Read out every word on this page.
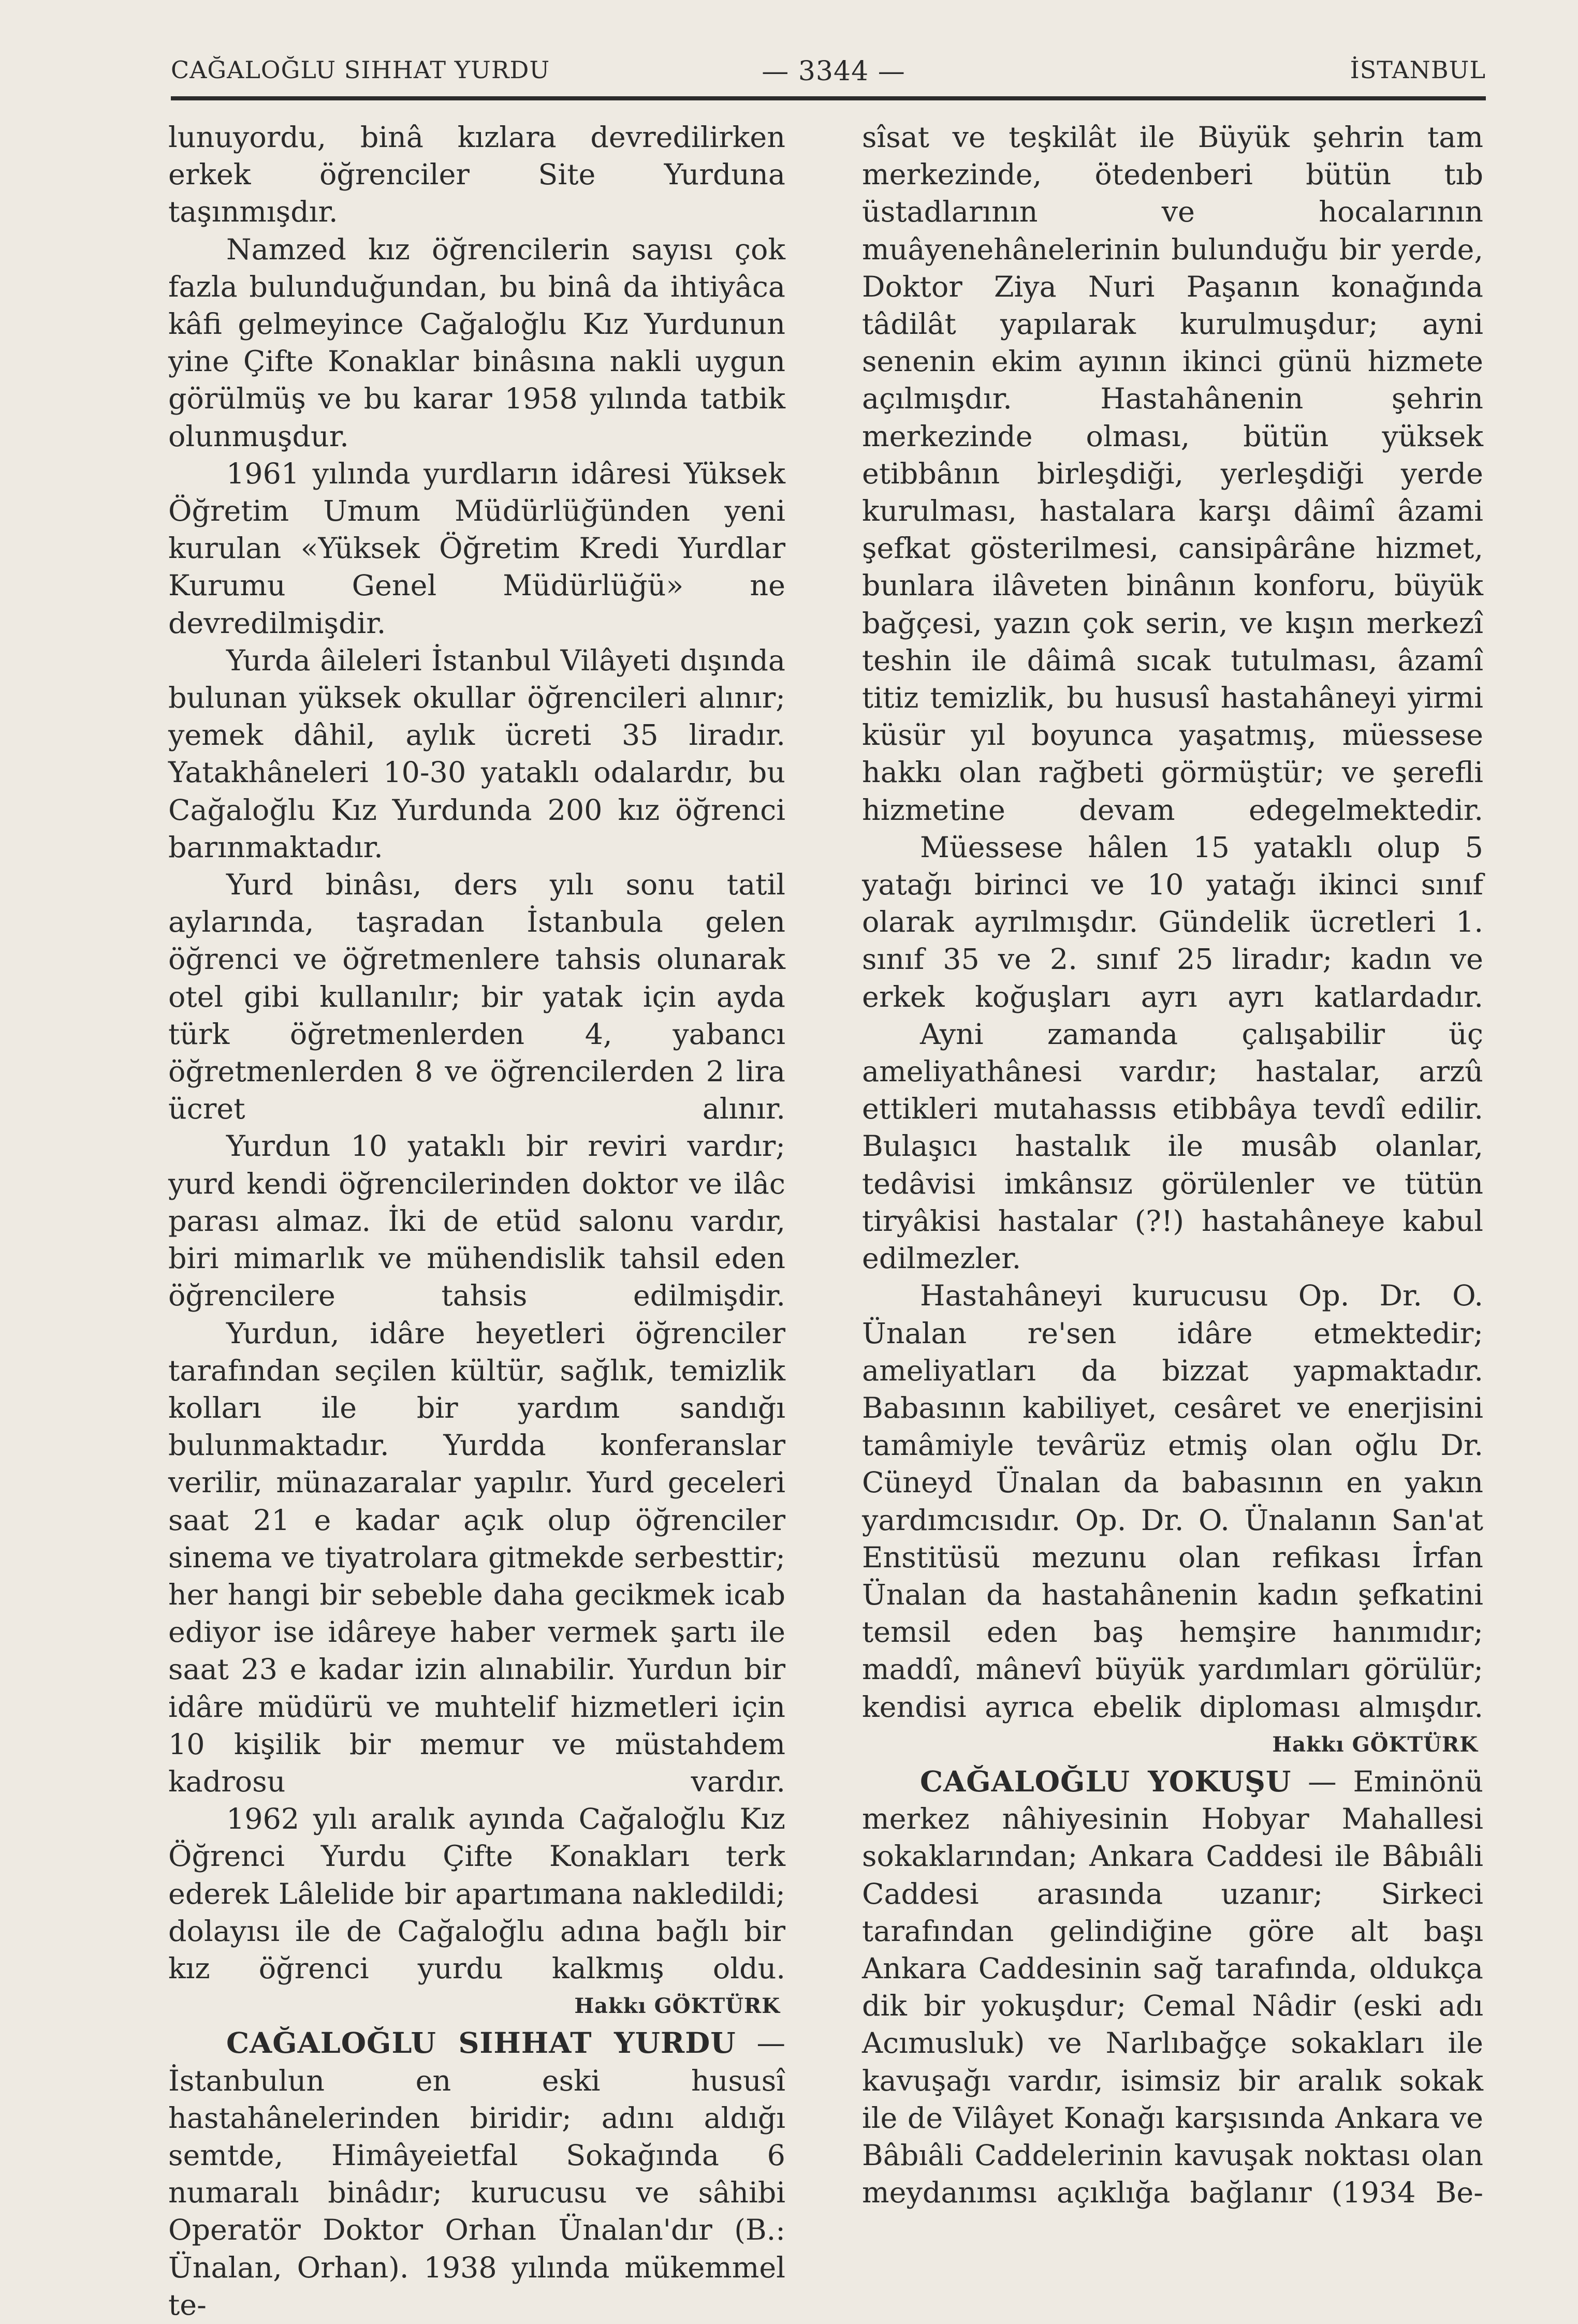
CAĞALOĞLU SIHHAT YURDU	— 3344 —	İSTANBUL

lunuyordu, binâ kızlara devredilirken erkek öğrenciler Site Yurduna taşınmışdır.

Namzed kız öğrencilerin sayısı çok fazla bulunduğundan, bu binâ da ihtiyâca kâfi gelmeyince Cağaloğlu Kız Yurdunun yine Çifte Konaklar binâsına nakli uygun görülmüş ve bu karar 1958 yılında tatbik olunmuşdur.

1961 yılında yurdların idâresi Yüksek Öğretim Umum Müdürlüğünden yeni kurulan «Yüksek Öğretim Kredi Yurdlar Kurumu Genel Müdürlüğü» ne devredilmişdir.

Yurda âileleri İstanbul Vilâyeti dışında bulunan yüksek okullar öğrencileri alınır; yemek dâhil, aylık ücreti 35 liradır. Yatakhâneleri 10-30 yataklı odalardır, bu Cağaloğlu Kız Yurdunda 200 kız öğrenci barınmaktadır.

Yurd binâsı, ders yılı sonu tatil aylarında, taşradan İstanbula gelen öğrenci ve öğretmenlere tahsis olunarak otel gibi kullanılır; bir yatak için ayda türk öğretmenlerden 4, yabancı öğretmenlerden 8 ve öğrencilerden 2 lira ücret alınır.

Yurdun 10 yataklı bir reviri vardır; yurd kendi öğrencilerinden doktor ve ilâc parası almaz. İki de etüd salonu vardır, biri mimarlık ve mühendislik tahsil eden öğrencilere tahsis edilmişdir.

Yurdun, idâre heyetleri öğrenciler tarafından seçilen kültür, sağlık, temizlik kolları ile bir yardım sandığı bulunmaktadır. Yurdda konferanslar verilir, münazaralar yapılır. Yurd geceleri saat 21 e kadar açık olup öğrenciler sinema ve tiyatrolara gitmekde serbesttir; her hangi bir sebeble daha gecikmek icab ediyor ise idâreye haber vermek şartı ile saat 23 e kadar izin alınabilir. Yurdun bir idâre müdürü ve muhtelif hizmetleri için 10 kişilik bir memur ve müstahdem kadrosu vardır.

1962 yılı aralık ayında Cağaloğlu Kız Öğrenci Yurdu Çifte Konakları terk ederek Lâlelide bir apartımana nakledildi; dolayısı ile de Cağaloğlu adına bağlı bir kız öğrenci yurdu kalkmış oldu.

Hakkı GÖKTÜRK

CAĞALOĞLU SIHHAT YURDU — İstanbulun en eski hususî hastahânelerinden biridir; adını aldığı semtde, Himâyeietfal Sokağında 6 numaralı binâdır; kurucusu ve sâhibi Operatör Doktor Orhan Ünalan'dır (B.: Ünalan, Orhan). 1938 yılında mükemmel te-

sîsat ve teşkilât ile Büyük şehrin tam merkezinde, ötedenberi bütün tıb üstadlarının ve hocalarının muâyenehânelerinin bulunduğu bir yerde, Doktor Ziya Nuri Paşanın konağında tâdilât yapılarak kurulmuşdur; ayni senenin ekim ayının ikinci günü hizmete açılmışdır. Hastahânenin şehrin merkezinde olması, bütün yüksek etibbânın birleşdiği, yerleşdiği yerde kurulması, hastalara karşı dâimî âzami şefkat gösterilmesi, cansipârâne hizmet, bunlara ilâveten binânın konforu, büyük bağçesi, yazın çok serin, ve kışın merkezî teshin ile dâimâ sıcak tutulması, âzamî titiz temizlik, bu hususî hastahâneyi yirmi küsür yıl boyunca yaşatmış, müessese hakkı olan rağbeti görmüştür; ve şerefli hizmetine devam edegelmektedir.

Müessese hâlen 15 yataklı olup 5 yatağı birinci ve 10 yatağı ikinci sınıf olarak ayrılmışdır. Gündelik ücretleri 1. sınıf 35 ve 2. sınıf 25 liradır; kadın ve erkek koğuşları ayrı ayrı katlardadır.

Ayni zamanda çalışabilir üç ameliyathânesi vardır; hastalar, arzû ettikleri mutahassıs etibbâya tevdî edilir. Bulaşıcı hastalık ile musâb olanlar, tedâvisi imkânsız görülenler ve tütün tiryâkisi hastalar (?!) hastahâneye kabul edilmezler.

Hastahâneyi kurucusu Op. Dr. O. Ünalan re'sen idâre etmektedir; ameliyatları da bizzat yapmaktadır. Babasının kabiliyet, cesâret ve enerjisini tamâmiyle tevârüz etmiş olan oğlu Dr. Cüneyd Ünalan da babasının en yakın yardımcısıdır. Op. Dr. O. Ünalanın San'at Enstitüsü mezunu olan refikası İrfan Ünalan da hastahânenin kadın şefkatini temsil eden baş hemşire hanımıdır; maddî, mânevî büyük yardımları görülür; kendisi ayrıca ebelik diploması almışdır.

Hakkı GÖKTÜRK

CAĞALOĞLU YOKUŞU — Eminönü merkez nâhiyesinin Hobyar Mahallesi sokaklarından; Ankara Caddesi ile Bâbıâli Caddesi arasında uzanır; Sirkeci tarafından gelindiğine göre alt başı Ankara Caddesinin sağ tarafında, oldukça dik bir yokuşdur; Cemal Nâdir (eski adı Acımusluk) ve Narlıbağçe sokakları ile kavuşağı vardır, isimsiz bir aralık sokak ile de Vilâyet Konağı karşısında Ankara ve Bâbıâli Caddelerinin kavuşak noktası olan meydanımsı açıklığa bağlanır (1934 Be-
